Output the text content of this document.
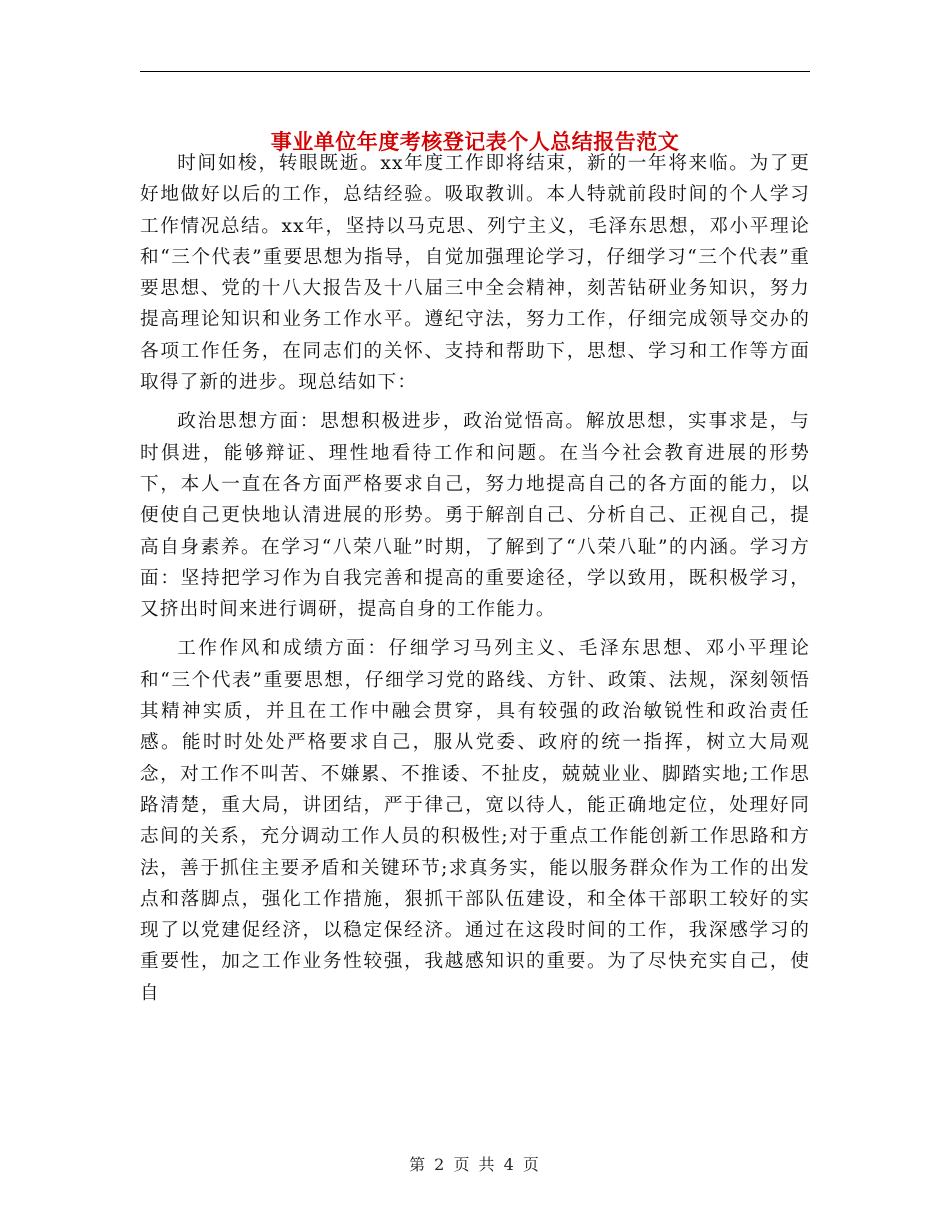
事业单位年度考核登记表个人总结报告范文

时间如梭，转眼既逝。xx年度工作即将结束，新的一年将来临。为了更好地做好以后的工作，总结经验。吸取教训。本人特就前段时间的个人学习工作情况总结。xx年，坚持以马克思、列宁主义，毛泽东思想，邓小平理论和“三个代表”重要思想为指导，自觉加强理论学习，仔细学习“三个代表”重要思想、党的十八大报告及十八届三中全会精神，刻苦钻研业务知识，努力提高理论知识和业务工作水平。遵纪守法，努力工作，仔细完成领导交办的各项工作任务，在同志们的关怀、支持和帮助下，思想、学习和工作等方面取得了新的进步。现总结如下：

政治思想方面：思想积极进步，政治觉悟高。解放思想，实事求是，与时俱进，能够辩证、理性地看待工作和问题。在当今社会教育进展的形势下，本人一直在各方面严格要求自己，努力地提高自己的各方面的能力，以便使自己更快地认清进展的形势。勇于解剖自己、分析自己、正视自己，提高自身素养。在学习“八荣八耻”时期，了解到了“八荣八耻”的内涵。学习方面：坚持把学习作为自我完善和提高的重要途径，学以致用，既积极学习，又挤出时间来进行调研，提高自身的工作能力。

工作作风和成绩方面：仔细学习马列主义、毛泽东思想、邓小平理论和“三个代表”重要思想，仔细学习党的路线、方针、政策、法规，深刻领悟其精神实质，并且在工作中融会贯穿，具有较强的政治敏锐性和政治责任感。能时时处处严格要求自己，服从党委、政府的统一指挥，树立大局观念，对工作不叫苦、不嫌累、不推诿、不扯皮，兢兢业业、脚踏实地;工作思路清楚，重大局，讲团结，严于律己，宽以待人，能正确地定位，处理好同志间的关系，充分调动工作人员的积极性;对于重点工作能创新工作思路和方法，善于抓住主要矛盾和关键环节;求真务实，能以服务群众作为工作的出发点和落脚点，强化工作措施，狠抓干部队伍建设，和全体干部职工较好的实现了以党建促经济，以稳定保经济。通过在这段时间的工作，我深感学习的重要性，加之工作业务性较强，我越感知识的重要。为了尽快充实自己，使自

第 2 页 共 4 页
